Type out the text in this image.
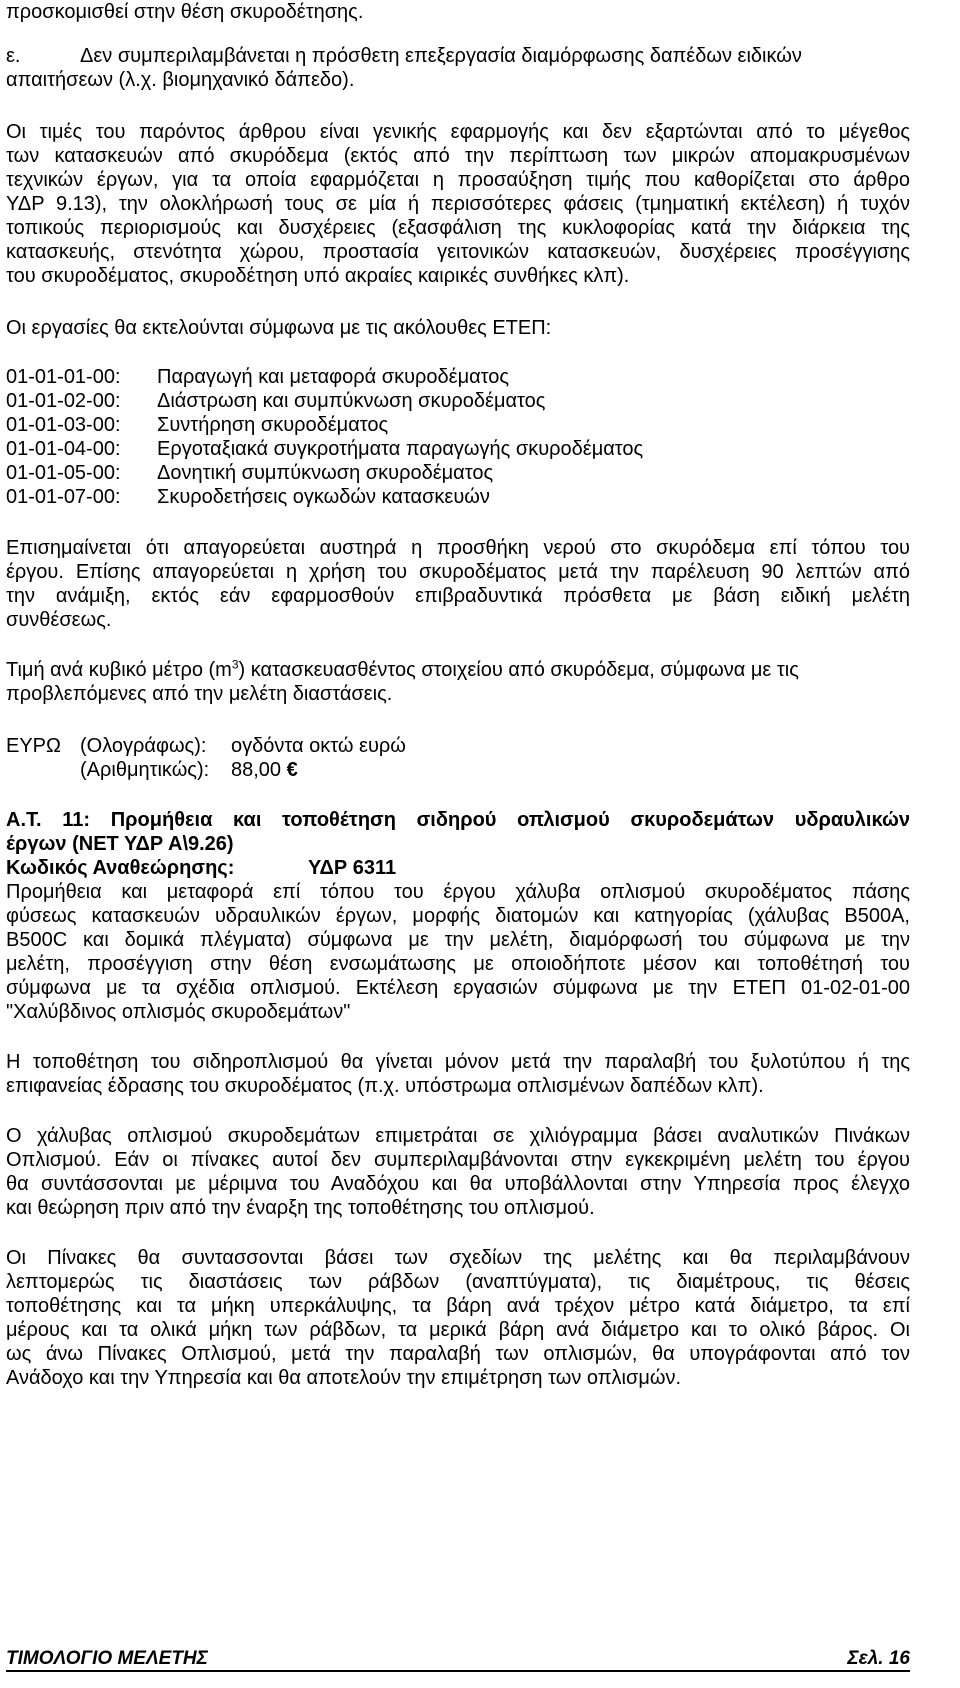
προσκομισθεί στην θέση σκυροδέτησης.
ε.	Δεν συμπεριλαμβάνεται η πρόσθετη επεξεργασία διαμόρφωσης δαπέδων ειδικών
απαιτήσεων (λ.χ. βιομηχανικό δάπεδο).
Οι τιμές του παρόντος άρθρου είναι γενικής εφαρμογής και δεν εξαρτώνται από το μέγεθος
των κατασκευών από σκυρόδεμα (εκτός από την περίπτωση των μικρών απομακρυσμένων
τεχνικών έργων, για τα οποία εφαρμόζεται η προσαύξηση τιμής που καθορίζεται στο άρθρο
ΥΔΡ 9.13), την ολοκλήρωσή τους σε μία ή περισσότερες φάσεις (τμηματική εκτέλεση) ή τυχόν
τοπικούς περιορισμούς και δυσχέρειες (εξασφάλιση της κυκλοφορίας κατά την διάρκεια της
κατασκευής, στενότητα χώρου, προστασία γειτονικών κατασκευών, δυσχέρειες προσέγγισης
του σκυροδέματος, σκυροδέτηση υπό ακραίες καιρικές συνθήκες κλπ).
Οι εργασίες θα εκτελούνται σύμφωνα με τις ακόλουθες ΕΤΕΠ:
01-01-01-00: Παραγωγή και μεταφορά σκυροδέματος
01-01-02-00: Διάστρωση και συμπύκνωση σκυροδέματος
01-01-03-00: Συντήρηση σκυροδέματος
01-01-04-00: Εργοταξιακά συγκροτήματα παραγωγής σκυροδέματος
01-01-05-00: Δονητική συμπύκνωση σκυροδέματος
01-01-07-00: Σκυροδετήσεις ογκωδών κατασκευών
Επισημαίνεται ότι απαγορεύεται αυστηρά η προσθήκη νερού στο σκυρόδεμα επί τόπου του
έργου. Επίσης απαγορεύεται η χρήση του σκυροδέματος μετά την παρέλευση 90 λεπτών από
την ανάμιξη, εκτός εάν εφαρμοσθούν επιβραδυντικά πρόσθετα με βάση ειδική μελέτη
συνθέσεως.
Τιμή ανά κυβικό μέτρο $(m^3)$ κατασκευασθέντος στοιχείου από σκυρόδεμα, σύμφωνα με τις
προβλεπόμενες από την μελέτη διαστάσεις.
ΕΥΡΩ (Ολογράφως): ογδόντα οκτώ ευρώ
(Αριθμητικώς): 88,00 €
Α.Τ. 11: Προμήθεια και τοποθέτηση σιδηρού οπλισμού σκυροδεμάτων υδραυλικών
έργων (ΝΕΤ ΥΔΡ Α\9.26)
Κωδικός Αναθεώρησης:	ΥΔΡ 6311
Προμήθεια και μεταφορά επί τόπου του έργου χάλυβα οπλισμού σκυροδέματος πάσης
φύσεως κατασκευών υδραυλικών έργων, μορφής διατομών και κατηγορίας (χάλυβας Β500Α,
Β500C και δομικά πλέγματα) σύμφωνα με την μελέτη, διαμόρφωσή του σύμφωνα με την
μελέτη, προσέγγιση στην θέση ενσωμάτωσης με οποιοδήποτε μέσον και τοποθέτησή του
σύμφωνα με τα σχέδια οπλισμού. Εκτέλεση εργασιών σύμφωνα με την ΕΤΕΠ 01-02-01-00
"Χαλύβδινος οπλισμός σκυροδεμάτων"
Η τοποθέτηση του σιδηροπλισμού θα γίνεται μόνον μετά την παραλαβή του ξυλοτύπου ή της
επιφανείας έδρασης του σκυροδέματος (π.χ. υπόστρωμα οπλισμένων δαπέδων κλπ).
Ο χάλυβας οπλισμού σκυροδεμάτων επιμετράται σε χιλιόγραμμα βάσει αναλυτικών Πινάκων
Οπλισμού. Εάν οι πίνακες αυτοί δεν συμπεριλαμβάνονται στην εγκεκριμένη μελέτη του έργου
θα συντάσσονται με μέριμνα του Αναδόχου και θα υποβάλλονται στην Υπηρεσία προς έλεγχο
και θεώρηση πριν από την έναρξη της τοποθέτησης του οπλισμού.
Οι Πίνακες θα συντασσονται βάσει των σχεδίων της μελέτης και θα περιλαμβάνουν
λεπτομερώς τις διαστάσεις των ράβδων (αναπτύγματα), τις διαμέτρους, τις θέσεις
τοποθέτησης και τα μήκη υπερκάλυψης, τα βάρη ανά τρέχον μέτρο κατά διάμετρο, τα επί
μέρους και τα ολικά μήκη των ράβδων, τα μερικά βάρη ανά διάμετρο και το ολικό βάρος. Οι
ως άνω Πίνακες Οπλισμού, μετά την παραλαβή των οπλισμών, θα υπογράφονται από τον
Ανάδοχο και την Υπηρεσία και θα αποτελούν την επιμέτρηση των οπλισμών.
ΤΙΜΟΛΟΓΙΟ ΜΕΛΕΤΗΣ	Σελ. 16
